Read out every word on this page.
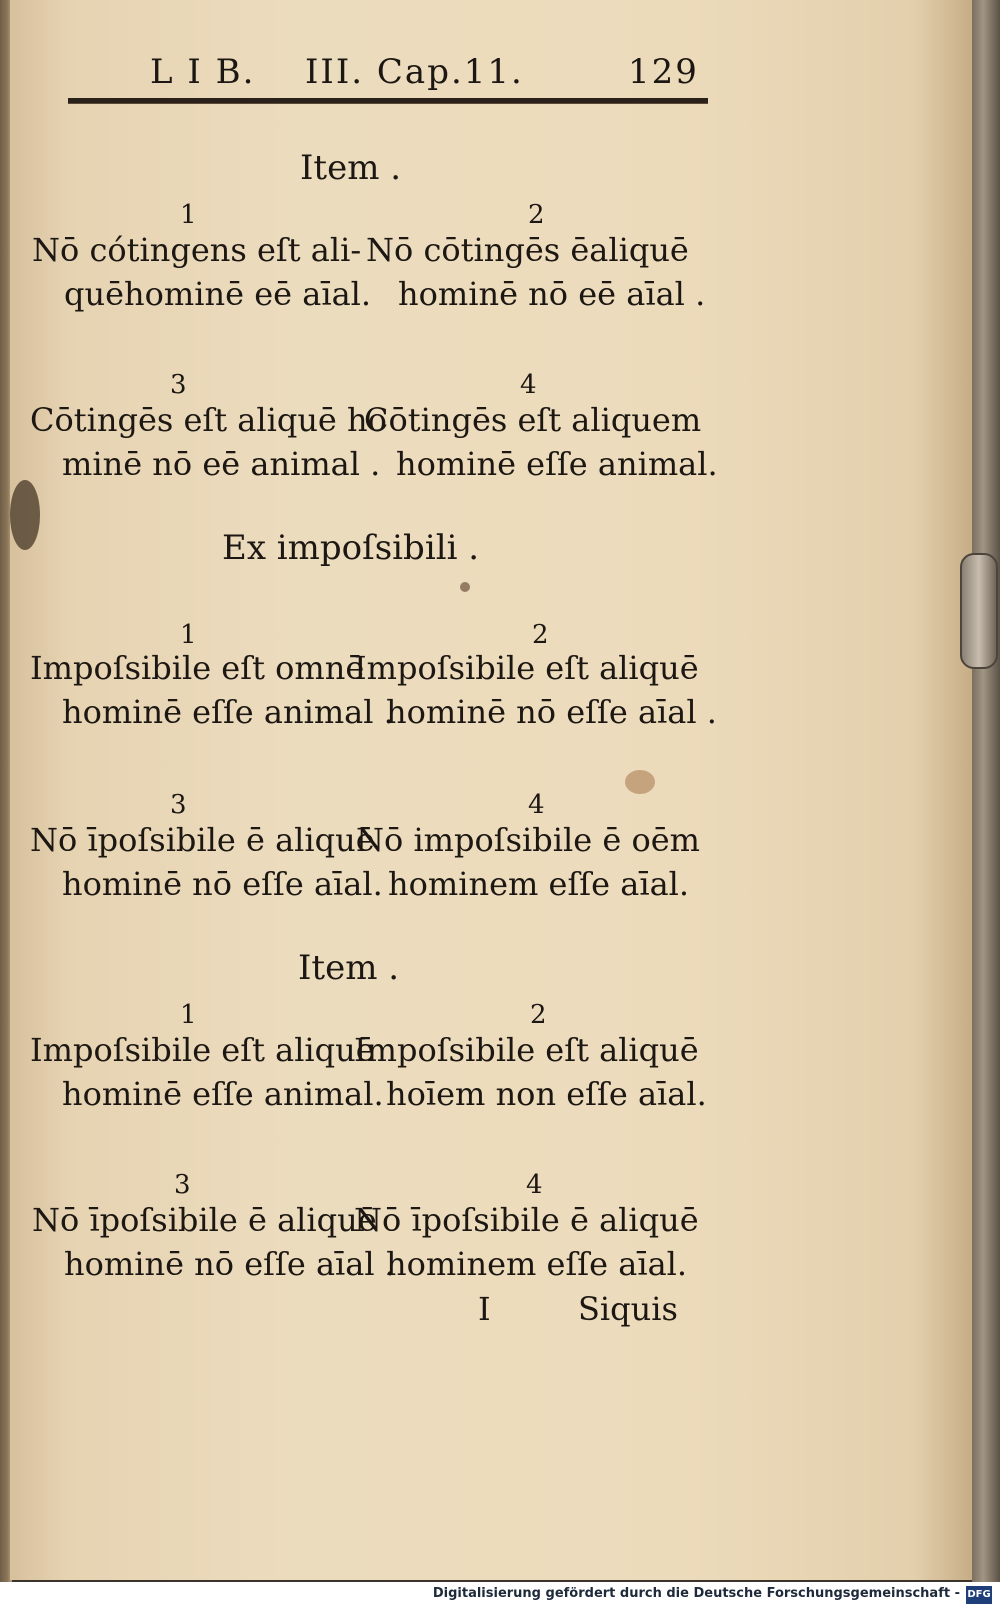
L I B. III. Cap.11.	129
Item .
1
Nō cótingens eſt ali-
quēhominē eē aīal.
2
Nō cōtingēs ēaliquē
hominē nō eē aīal .
3
Cōtingēs eſt aliquē ho
minē nō eē animal .
4
Cōtingēs eſt aliquem
hominē eſſe animal.
Ex impoſsibili .
1
Impoſsibile eſt omnē
hominē eſſe animal .
2
Impoſsibile eſt aliquē
hominē nō eſſe aīal .
3
Nō īpoſsibile ē aliquē
hominē nō eſſe aīal.
4
Nō impoſsibile ē oēm
hominem eſſe aīal.
Item .
1
Impoſsibile eſt aliquē
hominē eſſe animal.
2
Impoſsibile eſt aliquē
hoīem non eſſe aīal.
3
Nō īpoſsibile ē aliquē
hominē nō eſſe aīal .
4
Nō īpoſsibile ē aliquē
hominem eſſe aīal.
I	Siquis
Digitalisierung gefördert durch die Deutsche Forschungsgemeinschaft - DFG
